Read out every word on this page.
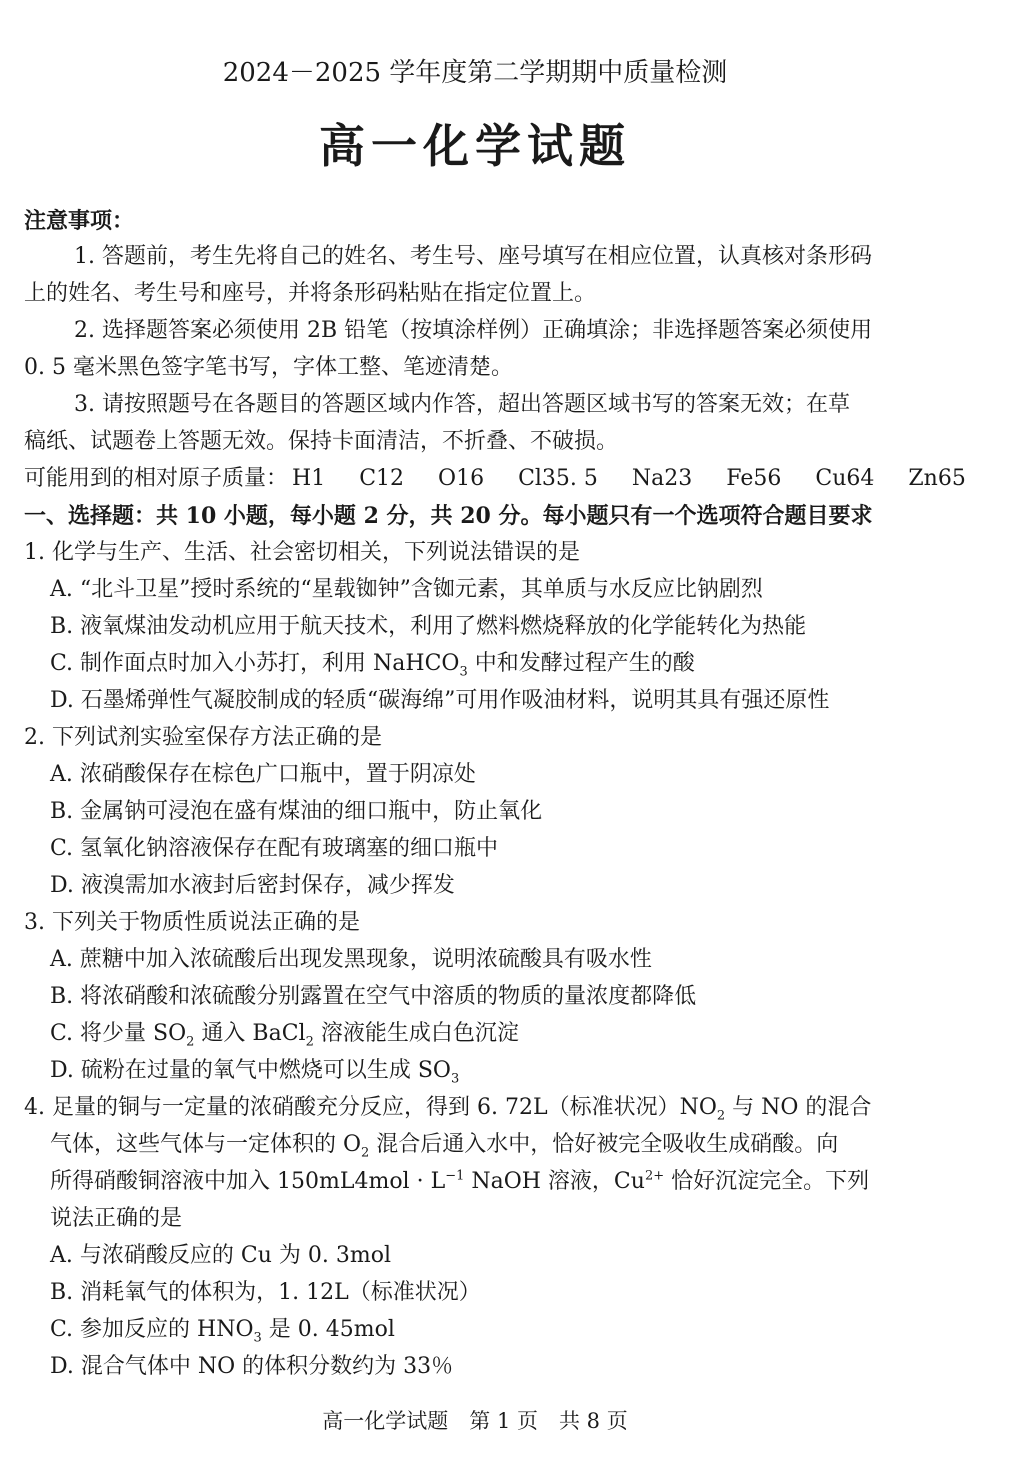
2024－2025 学年度第二学期期中质量检测
高一化学试题
注意事项：
1. 答题前，考生先将自己的姓名、考生号、座号填写在相应位置，认真核对条形码
上的姓名、考生号和座号，并将条形码粘贴在指定位置上。
2. 选择题答案必须使用 2B 铅笔（按填涂样例）正确填涂；非选择题答案必须使用
0. 5 毫米黑色签字笔书写，字体工整、笔迹清楚。
3. 请按照题号在各题目的答题区域内作答，超出答题区域书写的答案无效；在草
稿纸、试题卷上答题无效。保持卡面清洁，不折叠、不破损。
可能用到的相对原子质量： H1 C12 O16 Cl35. 5 Na23 Fe56 Cu64 Zn65
一、选择题：共 10 小题，每小题 2 分，共 20 分。每小题只有一个选项符合题目要求
1. 化学与生产、生活、社会密切相关，下列说法错误的是
A. “北斗卫星”授时系统的“星载铷钟”含铷元素，其单质与水反应比钠剧烈
B. 液氧煤油发动机应用于航天技术，利用了燃料燃烧释放的化学能转化为热能
C. 制作面点时加入小苏打，利用 NaHCO$_3$ 中和发酵过程产生的酸
D. 石墨烯弹性气凝胶制成的轻质“碳海绵”可用作吸油材料，说明其具有强还原性
2. 下列试剂实验室保存方法正确的是
A. 浓硝酸保存在棕色广口瓶中，置于阴凉处
B. 金属钠可浸泡在盛有煤油的细口瓶中，防止氧化
C. 氢氧化钠溶液保存在配有玻璃塞的细口瓶中
D. 液溴需加水液封后密封保存，减少挥发
3. 下列关于物质性质说法正确的是
A. 蔗糖中加入浓硫酸后出现发黑现象，说明浓硫酸具有吸水性
B. 将浓硝酸和浓硫酸分别露置在空气中溶质的物质的量浓度都降低
C. 将少量 $SO_2$ 通入 BaCl$_2$ 溶液能生成白色沉淀
D. 硫粉在过量的氧气中燃烧可以生成 $SO_3$
4. 足量的铜与一定量的浓硝酸充分反应，得到 6. 72L（标准状况）$NO_2$ 与 NO 的混合
气体，这些气体与一定体积的 $O_2$ 混合后通入水中，恰好被完全吸收生成硝酸。向
所得硝酸铜溶液中加入 $150mL4mol \cdot L^{-1}$ NaOH 溶液，$Cu^{2+}$ 恰好沉淀完全。下列
说法正确的是
A. 与浓硝酸反应的 Cu 为 0. 3mol
B. 消耗氧气的体积为，1. 12L（标准状况）
C. 参加反应的 $HNO_3$ 是 0. 45mol
D. 混合气体中 NO 的体积分数约为 33％
高一化学试题　第 1 页　共 8 页
